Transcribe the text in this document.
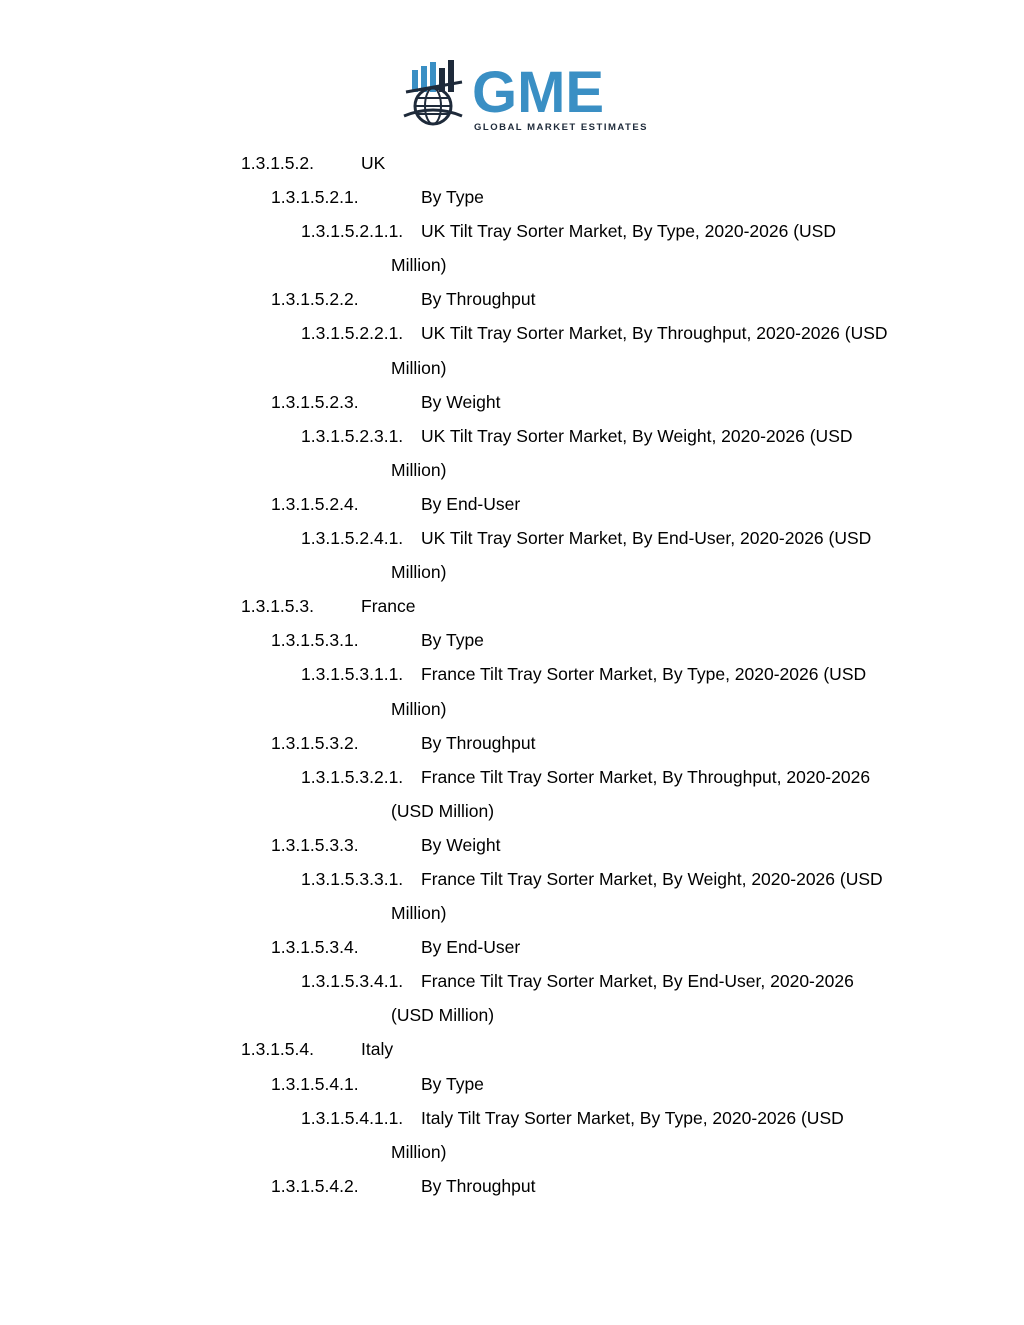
GME
GLOBAL MARKET ESTIMATES
1.3.1.5.2.	UK
1.3.1.5.2.1.	By Type
1.3.1.5.2.1.1. UK Tilt Tray Sorter Market, By Type, 2020-2026 (USD
Million)
1.3.1.5.2.2.	By Throughput
1.3.1.5.2.2.1. UK Tilt Tray Sorter Market, By Throughput, 2020-2026 (USD
Million)
1.3.1.5.2.3.	By Weight
1.3.1.5.2.3.1. UK Tilt Tray Sorter Market, By Weight, 2020-2026 (USD
Million)
1.3.1.5.2.4.	By End-User
1.3.1.5.2.4.1. UK Tilt Tray Sorter Market, By End-User, 2020-2026 (USD
Million)
1.3.1.5.3.	France
1.3.1.5.3.1.	By Type
1.3.1.5.3.1.1. France Tilt Tray Sorter Market, By Type, 2020-2026 (USD
Million)
1.3.1.5.3.2.	By Throughput
1.3.1.5.3.2.1. France Tilt Tray Sorter Market, By Throughput, 2020-2026
(USD Million)
1.3.1.5.3.3.	By Weight
1.3.1.5.3.3.1. France Tilt Tray Sorter Market, By Weight, 2020-2026 (USD
Million)
1.3.1.5.3.4.	By End-User
1.3.1.5.3.4.1. France Tilt Tray Sorter Market, By End-User, 2020-2026
(USD Million)
1.3.1.5.4.	Italy
1.3.1.5.4.1.	By Type
1.3.1.5.4.1.1. Italy Tilt Tray Sorter Market, By Type, 2020-2026 (USD
Million)
1.3.1.5.4.2.	By Throughput
